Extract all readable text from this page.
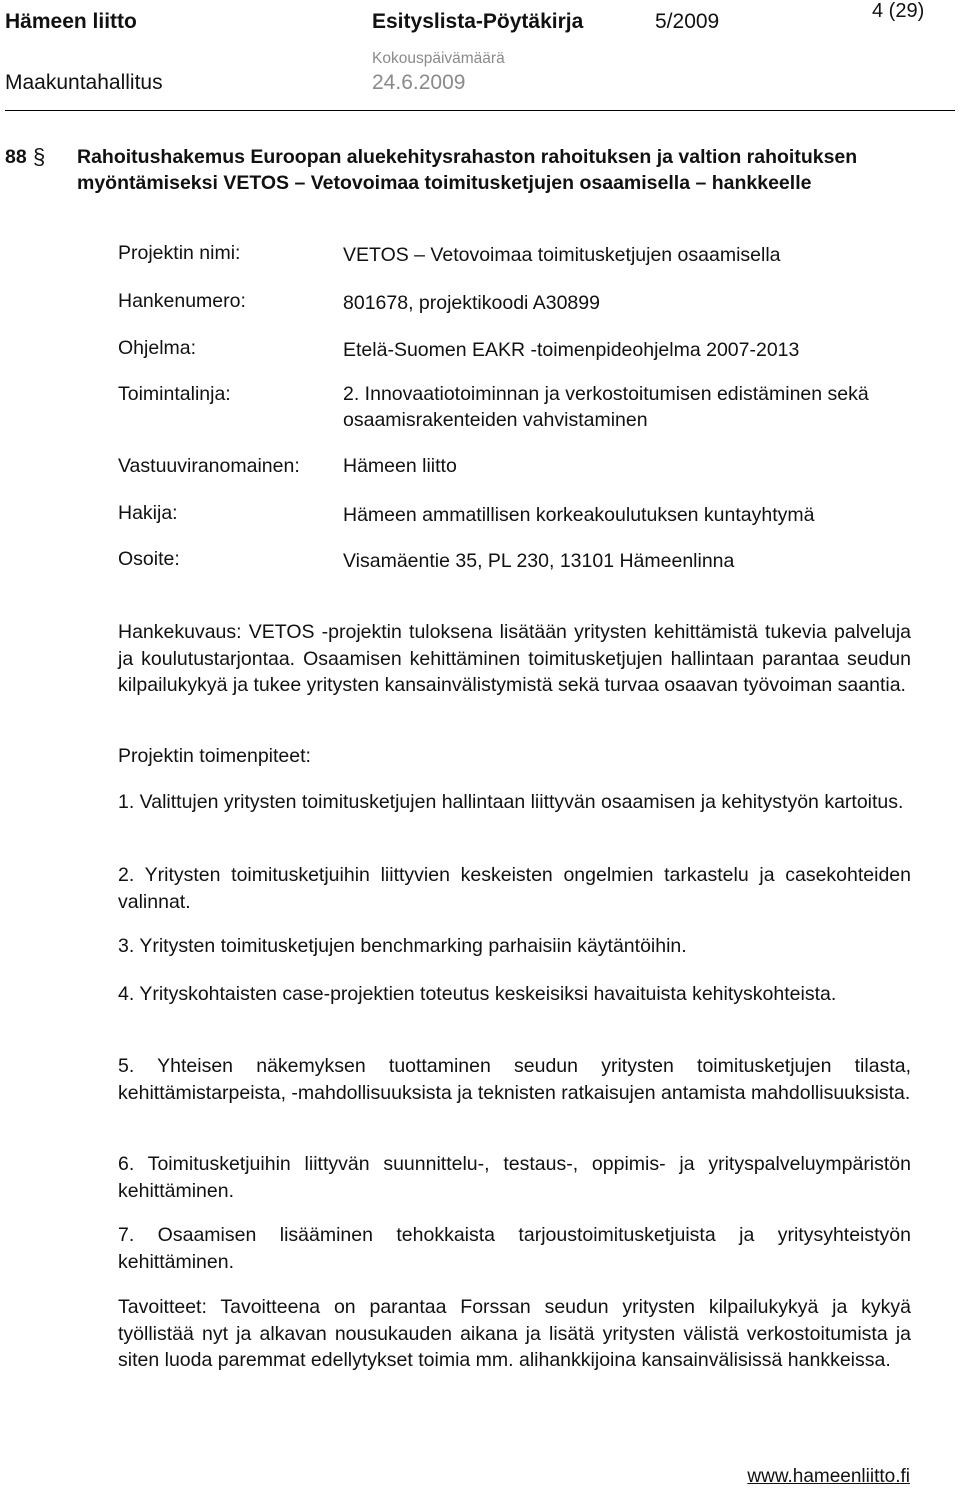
Hämeen liitto	Esityslista-Pöytäkirja	5/2009	4 (29)
Maakuntahallitus
Kokouspäivämäärä
24.6.2009
88 § Rahoitushakemus Euroopan aluekehitysrahaston rahoituksen ja valtion rahoituksen myöntämiseksi VETOS – Vetovoimaa toimitusketjujen osaamisella – hankkeelle
Projektin nimi:	VETOS – Vetovoimaa toimitusketjujen osaamisella
Hankenumero:	801678, projektikoodi A30899
Ohjelma:	Etelä-Suomen EAKR -toimenpideohjelma 2007-2013
Toimintalinja:	2. Innovaatiotoiminnan ja verkostoitumisen edistäminen sekä osaamisrakenteiden vahvistaminen
Vastuuviranomainen: Hämeen liitto
Hakija:	Hämeen ammatillisen korkeakoulutuksen kuntayhtymä
Osoite:	Visamäentie 35, PL 230, 13101 Hämeenlinna
Hankekuvaus: VETOS -projektin tuloksena lisätään yritysten kehittämistä tukevia palveluja ja koulutustarjontaa. Osaamisen kehittäminen toimitusketjujen hallintaan parantaa seudun kilpailukykyä ja tukee yritysten kansainvälistymistä sekä turvaa osaavan työvoiman saantia.
Projektin toimenpiteet:
1. Valittujen yritysten toimitusketjujen hallintaan liittyvän osaamisen ja kehitystyön kartoitus.
2. Yritysten toimitusketjuihin liittyvien keskeisten ongelmien tarkastelu ja casekohteiden valinnat.
3. Yritysten toimitusketjujen benchmarking parhaisiin käytäntöihin.
4. Yrityskohtaisten case-projektien toteutus keskeisiksi havaituista kehityskohteista.
5. Yhteisen näkemyksen tuottaminen seudun yritysten toimitusketjujen tilasta, kehittämistarpeista, -mahdollisuuksista ja teknisten ratkaisujen antamista mahdollisuuksista.
6. Toimitusketjuihin liittyvän suunnittelu-, testaus-, oppimis- ja yrityspalveluympäristön kehittäminen.
7. Osaamisen lisääminen tehokkaista tarjoustoimitusketjuista ja yritysyhteistyön kehittäminen.
Tavoitteet: Tavoitteena on parantaa Forssan seudun yritysten kilpailukykyä ja kykyä työllistää nyt ja alkavan nousukauden aikana ja lisätä yritysten välistä verkostoitumista ja siten luoda paremmat edellytykset toimia mm. alihankkijoina kansainvälisissä hankkeissa.
www.hameenliitto.fi
